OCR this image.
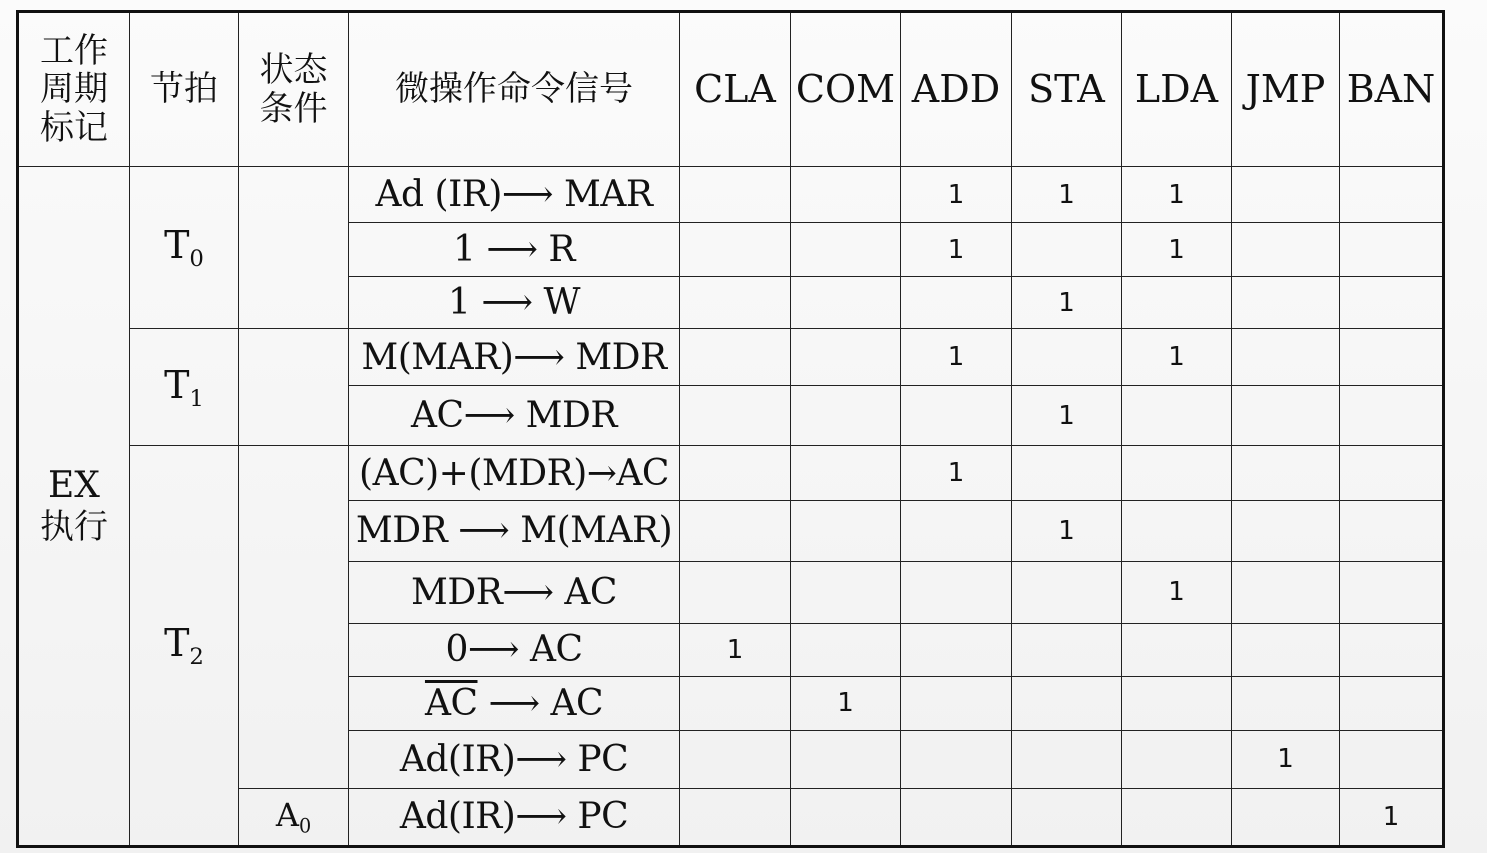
工作周期标记	节拍	状态条件	微操作命令信号	CLA	COM	ADD	STA	LDA	JMP	BAN

EX
执行	$T_0$		Ad (IR)⟶ MAR			1	1	1		
			1 ⟶ R			1		1		
			1 ⟶ W				1			
	$T_1$		M(MAR)⟶ MDR			1		1		
			AC⟶ MDR				1			
	$T_2$		(AC)+(MDR)→AC			1				
			MDR ⟶ M(MAR)				1			
			MDR⟶ AC					1		
			0⟶ AC	1						
			$\overline{AC}$ ⟶ AC		1					
			Ad(IR)⟶ PC						1	
		$A_0$	Ad(IR)⟶ PC							1
